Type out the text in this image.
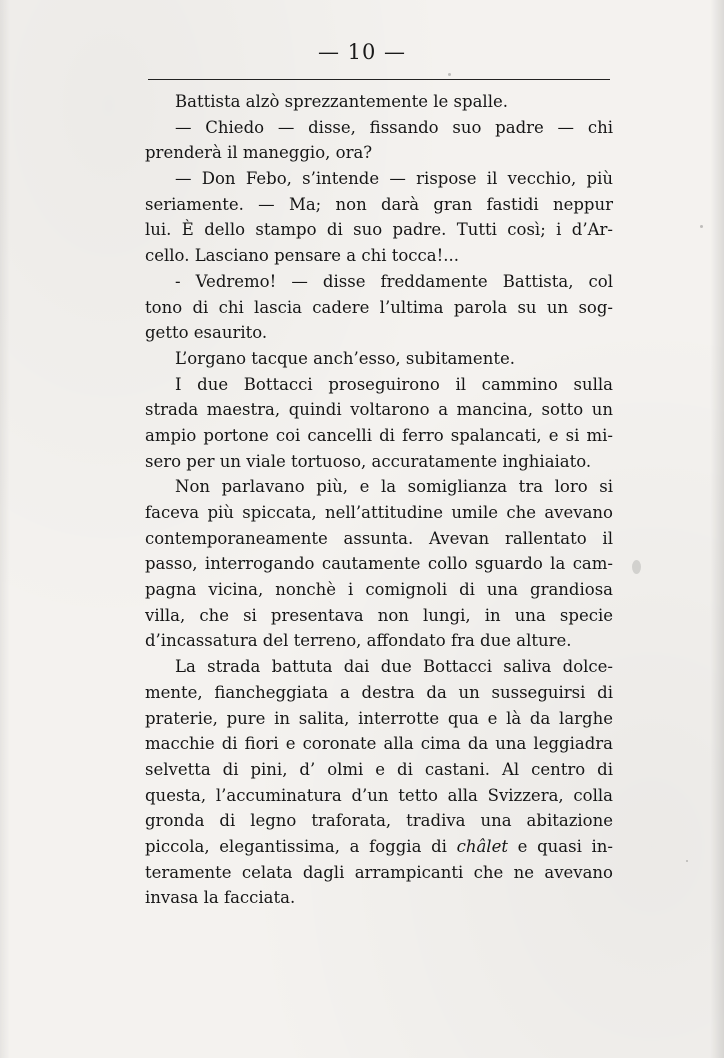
— 10 —
Battista alzò sprezzantemente le spalle.
— Chiedo — disse, fissando suo padre — chi
prenderà il maneggio, ora?
— Don Febo, s’intende — rispose il vecchio, più
seriamente. — Ma; non darà gran fastidi neppur
lui. È dello stampo di suo padre. Tutti così; i d’Ar-
cello. Lasciano pensare a chi tocca!...
- Vedremo! — disse freddamente Battista, col
tono di chi lascia cadere l’ultima parola su un sog-
getto esaurito.
L’organo tacque anch’esso, subitamente.
I due Bottacci proseguirono il cammino sulla
strada maestra, quindi voltarono a mancina, sotto un
ampio portone coi cancelli di ferro spalancati, e si mi-
sero per un viale tortuoso, accuratamente inghiaiato.
Non parlavano più, e la somiglianza tra loro si
faceva più spiccata, nell’attitudine umile che avevano
contemporaneamente assunta. Avevan rallentato il
passo, interrogando cautamente collo sguardo la cam-
pagna vicina, nonchè i comignoli di una grandiosa
villa, che si presentava non lungi, in una specie
d’incassatura del terreno, affondato fra due alture.
La strada battuta dai due Bottacci saliva dolce-
mente, fiancheggiata a destra da un susseguirsi di
praterie, pure in salita, interrotte qua e là da larghe
macchie di fiori e coronate alla cima da una leggiadra
selvetta di pini, d’ olmi e di castani. Al centro di
questa, l’accuminatura d’un tetto alla Svizzera, colla
gronda di legno traforata, tradiva una abitazione
piccola, elegantissima, a foggia di châlet e quasi in-
teramente celata dagli arrampicanti che ne avevano
invasa la facciata.
